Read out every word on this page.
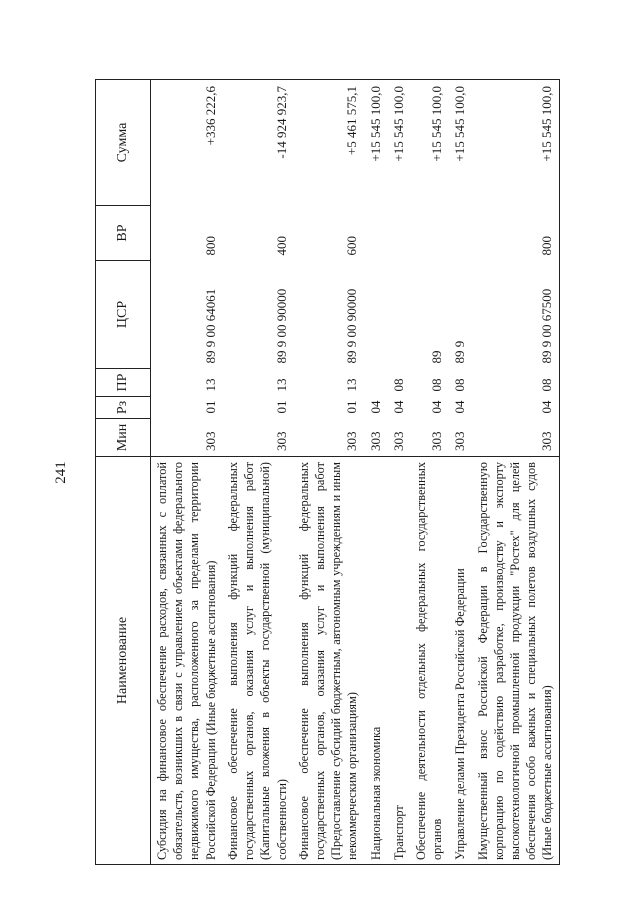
241
Наименование	Мин	Рз	ПР	ЦСР	ВР	Сумма
Субсидия на финансовое обеспечение расходов, связанных с оплатой обязательств, возникших в связи с управлением объектами федерального недвижимого имущества, расположенного за пределами территории Российской Федерации (Иные бюджетные ассигнования)	303	01	13	89 9 00 64061	800	+336 222,6
Финансовое обеспечение выполнения функций федеральных государственных органов, оказания услуг и выполнения работ (Капитальные вложения в объекты государственной (муниципальной) собственности)	303	01	13	89 9 00 90000	400	-14 924 923,7
Финансовое обеспечение выполнения функций федеральных государственных органов, оказания услуг и выполнения работ (Предоставление субсидий бюджетным, автономным учреждениям и иным некоммерческим организациям)	303	01	13	89 9 00 90000	600	+5 461 575,1
Национальная экономика	303	04				+15 545 100,0
Транспорт	303	04	08			+15 545 100,0
Обеспечение деятельности отдельных федеральных государственных органов	303	04	08	89		+15 545 100,0
Управление делами Президента Российской Федерации	303	04	08	89 9		+15 545 100,0
Имущественный взнос Российской Федерации в Государственную корпорацию по содействию разработке, производству и экспорту высокотехнологичной промышленной продукции "Ростех" для целей обеспечения особо важных и специальных полетов воздушных судов (Иные бюджетные ассигнования)	303	04	08	89 9 00 67500	800	+15 545 100,0
